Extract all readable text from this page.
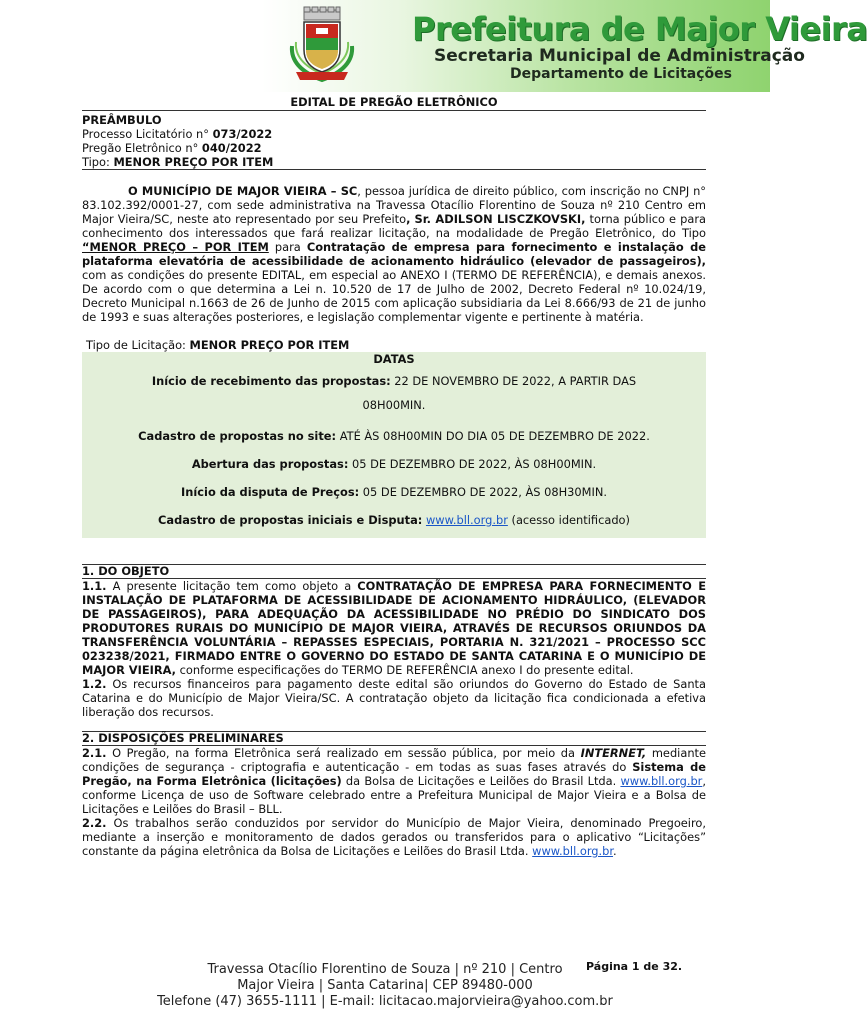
Prefeitura de Major Vieira
Secretaria Municipal de Administração
Departamento de Licitações
EDITAL DE PREGÃO ELETRÔNICO
PREÂMBULO
Processo Licitatório n° 073/2022
Pregão Eletrônico n° 040/2022
Tipo: MENOR PREÇO POR ITEM
O MUNICÍPIO DE MAJOR VIEIRA – SC, pessoa jurídica de direito público, com inscrição no CNPJ n° 83.102.392/0001-27, com sede administrativa na Travessa Otacílio Florentino de Souza nº 210 Centro em Major Vieira/SC, neste ato representado por seu Prefeito, Sr. ADILSON LISCZKOVSKI, torna público e para conhecimento dos interessados que fará realizar licitação, na modalidade de Pregão Eletrônico, do Tipo “MENOR PREÇO – POR ITEM para Contratação de empresa para fornecimento e instalação de plataforma elevatória de acessibilidade de acionamento hidráulico (elevador de passageiros), com as condições do presente EDITAL, em especial ao ANEXO I (TERMO DE REFERÊNCIA), e demais anexos. De acordo com o que determina a Lei n. 10.520 de 17 de Julho de 2002, Decreto Federal nº 10.024/19, Decreto Municipal n.1663 de 26 de Junho de 2015 com aplicação subsidiaria da Lei 8.666/93 de 21 de junho de 1993 e suas alterações posteriores, e legislação complementar vigente e pertinente à matéria.
Tipo de Licitação: MENOR PREÇO POR ITEM
DATAS
Início de recebimento das propostas: 22 DE NOVEMBRO DE 2022, A PARTIR DAS
08H00MIN.
Cadastro de propostas no site: ATÉ ÀS 08H00MIN DO DIA 05 DE DEZEMBRO DE 2022.
Abertura das propostas: 05 DE DEZEMBRO DE 2022, ÀS 08H00MIN.
Início da disputa de Preços: 05 DE DEZEMBRO DE 2022, ÀS 08H30MIN.
Cadastro de propostas iniciais e Disputa: www.bll.org.br (acesso identificado)
1. DO OBJETO
1.1. A presente licitação tem como objeto a CONTRATAÇÃO DE EMPRESA PARA FORNECIMENTO E INSTALAÇÃO DE PLATAFORMA DE ACESSIBILIDADE DE ACIONAMENTO HIDRÁULICO, (ELEVADOR DE PASSAGEIROS), PARA ADEQUAÇÃO DA ACESSIBILIDADE NO PRÉDIO DO SINDICATO DOS PRODUTORES RURAIS DO MUNICÍPIO DE MAJOR VIEIRA, ATRAVÉS DE RECURSOS ORIUNDOS DA TRANSFERÊNCIA VOLUNTÁRIA – REPASSES ESPECIAIS, PORTARIA N. 321/2021 – PROCESSO SCC 023238/2021, FIRMADO ENTRE O GOVERNO DO ESTADO DE SANTA CATARINA E O MUNICÍPIO DE MAJOR VIEIRA, conforme especificações do TERMO DE REFERÊNCIA anexo I do presente edital.
1.2. Os recursos financeiros para pagamento deste edital são oriundos do Governo do Estado de Santa Catarina e do Município de Major Vieira/SC. A contratação objeto da licitação fica condicionada a efetiva liberação dos recursos.
2. DISPOSIÇÕES PRELIMINARES
2.1. O Pregão, na forma Eletrônica será realizado em sessão pública, por meio da INTERNET, mediante condições de segurança - criptografia e autenticação - em todas as suas fases através do Sistema de Pregão, na Forma Eletrônica (licitações) da Bolsa de Licitações e Leilões do Brasil Ltda. www.bll.org.br, conforme Licença de uso de Software celebrado entre a Prefeitura Municipal de Major Vieira e a Bolsa de Licitações e Leilões do Brasil – BLL.
2.2. Os trabalhos serão conduzidos por servidor do Município de Major Vieira, denominado Pregoeiro, mediante a inserção e monitoramento de dados gerados ou transferidos para o aplicativo “Licitações” constante da página eletrônica da Bolsa de Licitações e Leilões do Brasil Ltda. www.bll.org.br.
Página 1 de 32.
Travessa Otacílio Florentino de Souza | nº 210 | Centro
Major Vieira | Santa Catarina| CEP 89480-000
Telefone (47) 3655-1111 | E-mail: licitacao.majorvieira@yahoo.com.br
